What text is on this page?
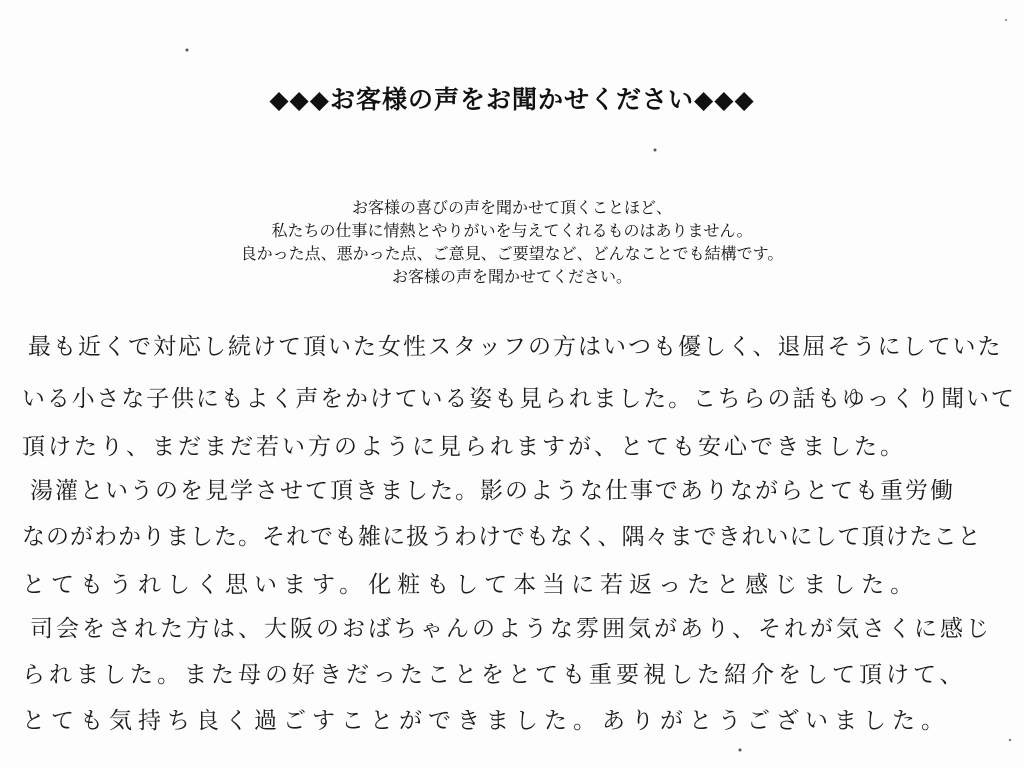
◆◆◆お客様の声をお聞かせください◆◆◆
お客様の喜びの声を聞かせて頂くことほど、
私たちの仕事に情熱とやりがいを与えてくれるものはありません。
良かった点、悪かった点、ご意見、ご要望など、どんなことでも結構です。
お客様の声を聞かせてください。
最も近くで対応し続けて頂いた女性スタッフの方はいつも優しく、退屈そうにしていた
いる小さな子供にもよく声をかけている姿も見られました。こちらの話もゆっくり聞いて
頂けたり、まだまだ若い方のように見られますが、とても安心できました。
湯灌というのを見学させて頂きました。影のような仕事でありながらとても重労働
なのがわかりました。それでも雑に扱うわけでもなく、隅々まできれいにして頂けたこと
とてもうれしく思います。化粧もして本当に若返ったと感じました。
司会をされた方は、大阪のおばちゃんのような雰囲気があり、それが気さくに感じ
られました。また母の好きだったことをとても重要視した紹介をして頂けて、
とても気持ち良く過ごすことができました。ありがとうございました。
